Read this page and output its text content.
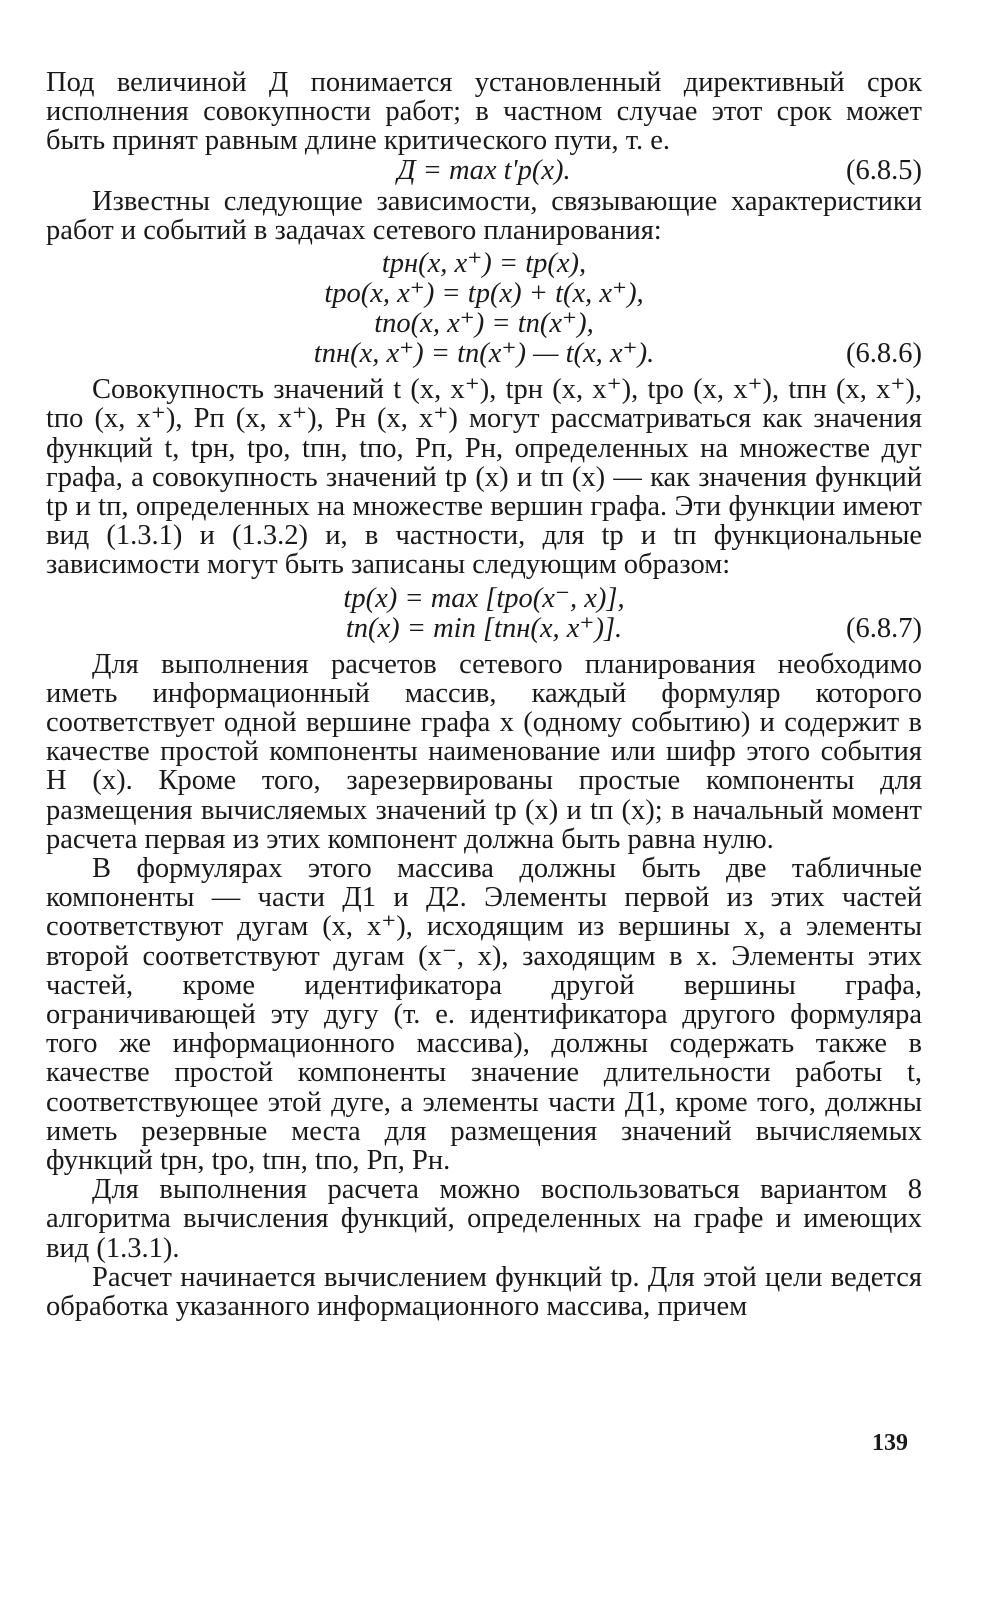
Под величиной Д понимается установленный директивный срок исполнения совокупности работ; в частном случае этот срок может быть принят равным длине критического пути, т. е.

Д = max t'р(x).	(6.8.5)

Известны следующие зависимости, связывающие характеристики работ и событий в задачах сетевого планирования:

tрн(x, x⁺) = tр(x),
tро(x, x⁺) = tр(x) + t(x, x⁺),
tпо(x, x⁺) = tп(x⁺),
tпн(x, x⁺) = tп(x⁺) — t(x, x⁺).	(6.8.6)

Совокупность значений t (x, x⁺), tрн (x, x⁺), tро (x, x⁺), tпн (x, x⁺), tпо (x, x⁺), Pп (x, x⁺), Pн (x, x⁺) могут рассматриваться как значения функций t, tрн, tро, tпн, tпо, Pп, Pн, определенных на множестве дуг графа, а совокупность значений tр (x) и tп (x) — как значения функций tр и tп, определенных на множестве вершин графа. Эти функции имеют вид (1.3.1) и (1.3.2) и, в частности, для tр и tп функциональные зависимости могут быть записаны следующим образом:

tр(x) = max [tро(x⁻, x)],
tп(x) = min [tпн(x, x⁺)].	(6.8.7)

Для выполнения расчетов сетевого планирования необходимо иметь информационный массив, каждый формуляр которого соответствует одной вершине графа x (одному событию) и содержит в качестве простой компоненты наименование или шифр этого события H (x). Кроме того, зарезервированы простые компоненты для размещения вычисляемых значений tр (x) и tп (x); в начальный момент расчета первая из этих компонент должна быть равна нулю.

В формулярах этого массива должны быть две табличные компоненты — части Д1 и Д2. Элементы первой из этих частей соответствуют дугам (x, x⁺), исходящим из вершины x, а элементы второй соответствуют дугам (x⁻, x), заходящим в x. Элементы этих частей, кроме идентификатора другой вершины графа, ограничивающей эту дугу (т. е. идентификатора другого формуляра того же информационного массива), должны содержать также в качестве простой компоненты значение длительности работы t, соответствующее этой дуге, а элементы части Д1, кроме того, должны иметь резервные места для размещения значений вычисляемых функций tрн, tро, tпн, tпо, Pп, Pн.

Для выполнения расчета можно воспользоваться вариантом 8 алгоритма вычисления функций, определенных на графе и имеющих вид (1.3.1).

Расчет начинается вычислением функций tр. Для этой цели ведется обработка указанного информационного массива, причем

139
